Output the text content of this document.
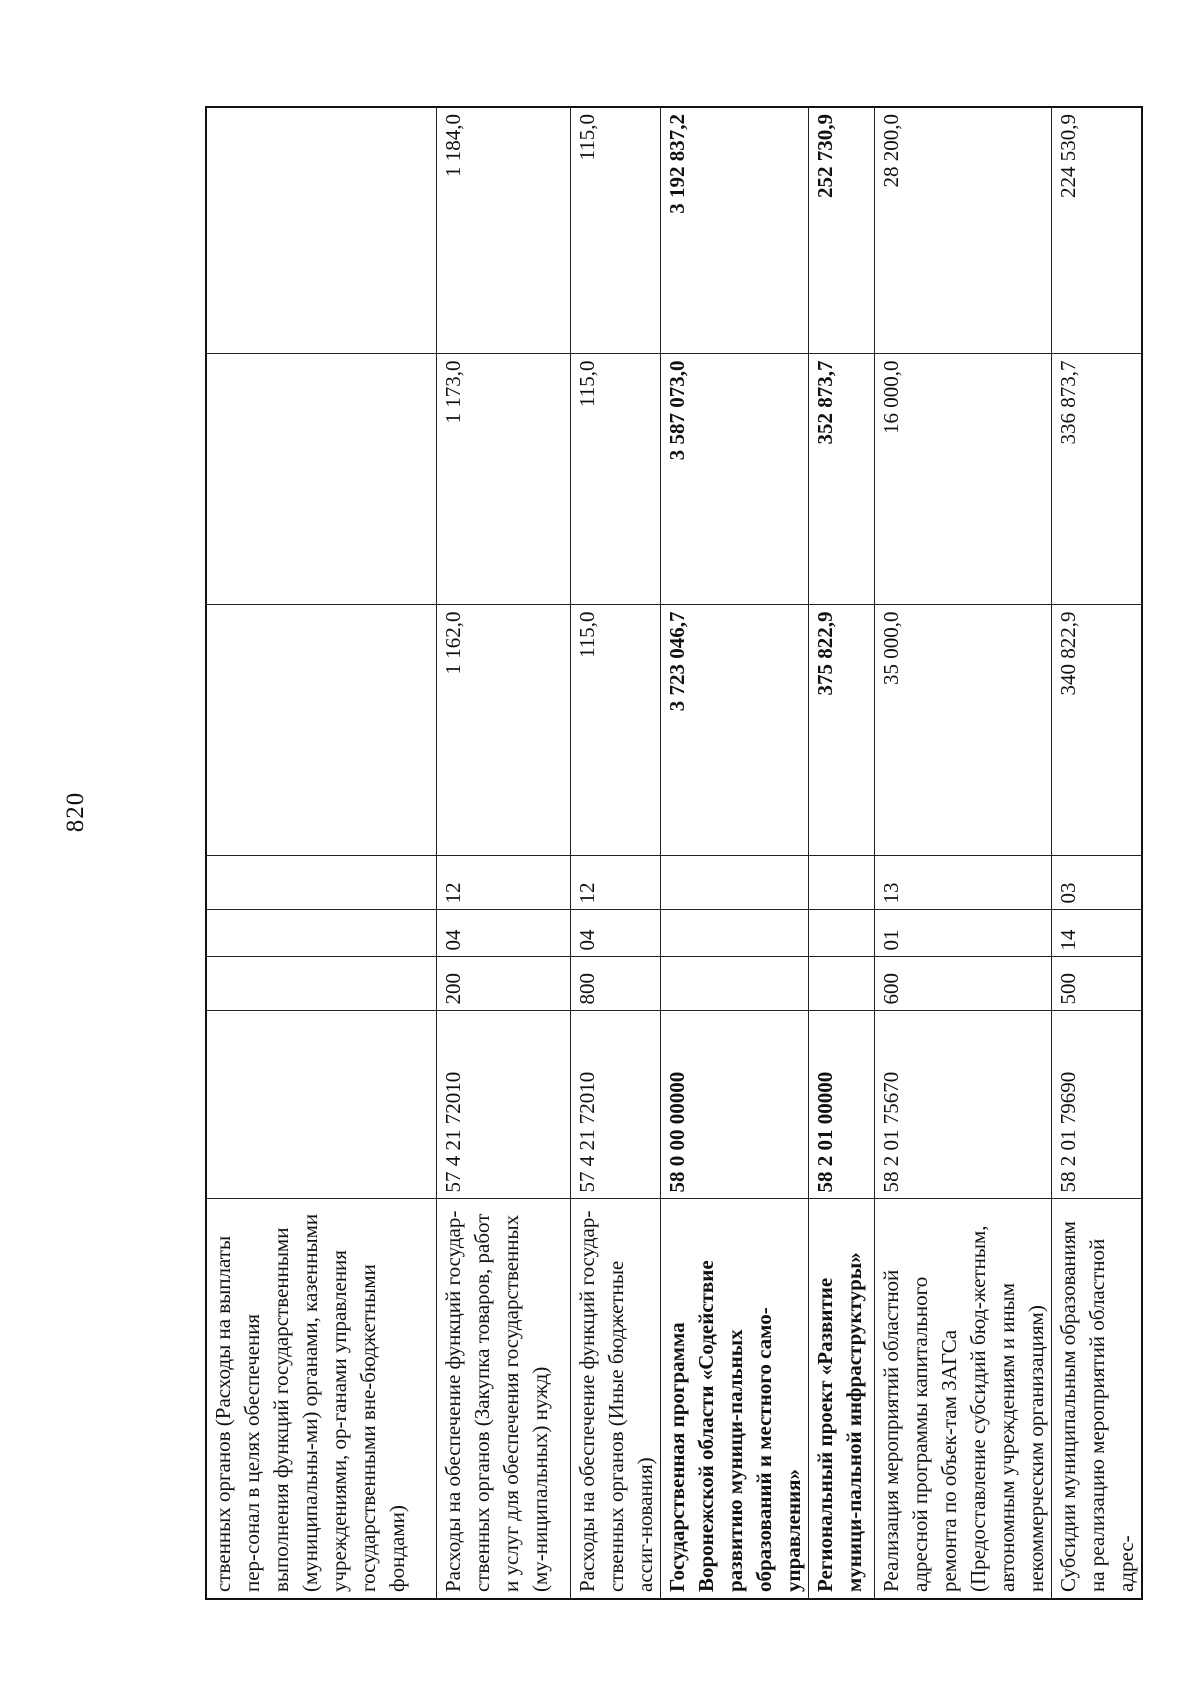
820
ственных органов (Расходы на выплаты пер-сонал в целях обеспечения выполнения функций государственными (муниципальны-ми) органами, казенными учреждениями, ор-ганами управления государственными вне-бюджетными фондами)							
Расходы на обеспечение функций государ-ственных органов (Закупка товаров, работ и услуг для обеспечения государственных (му-ниципальных) нужд)	57 4 21 72010	200	04	12	1 162,0	1 173,0	1 184,0
Расходы на обеспечение функций государ-ственных органов (Иные бюджетные ассиг-нования)	57 4 21 72010	800	04	12	115,0	115,0	115,0
Государственная программа Воронежской области «Содействие развитию муници-пальных образований и местного само-управления»	58 0 00 00000				3 723 046,7	3 587 073,0	3 192 837,2
Региональный проект «Развитие муници-пальной инфраструктуры»	58 2 01 00000				375 822,9	352 873,7	252 730,9
Реализация мероприятий областной адресной программы капитального ремонта по объек-там ЗАГСа (Предоставление субсидий бюд-жетным, автономным учреждениям и иным некоммерческим организациям)	58 2 01 75670	600	01	13	35 000,0	16 000,0	28 200,0
Субсидии муниципальным образованиям на реализацию мероприятий областной адрес-	58 2 01 79690	500	14	03	340 822,9	336 873,7	224 530,9
